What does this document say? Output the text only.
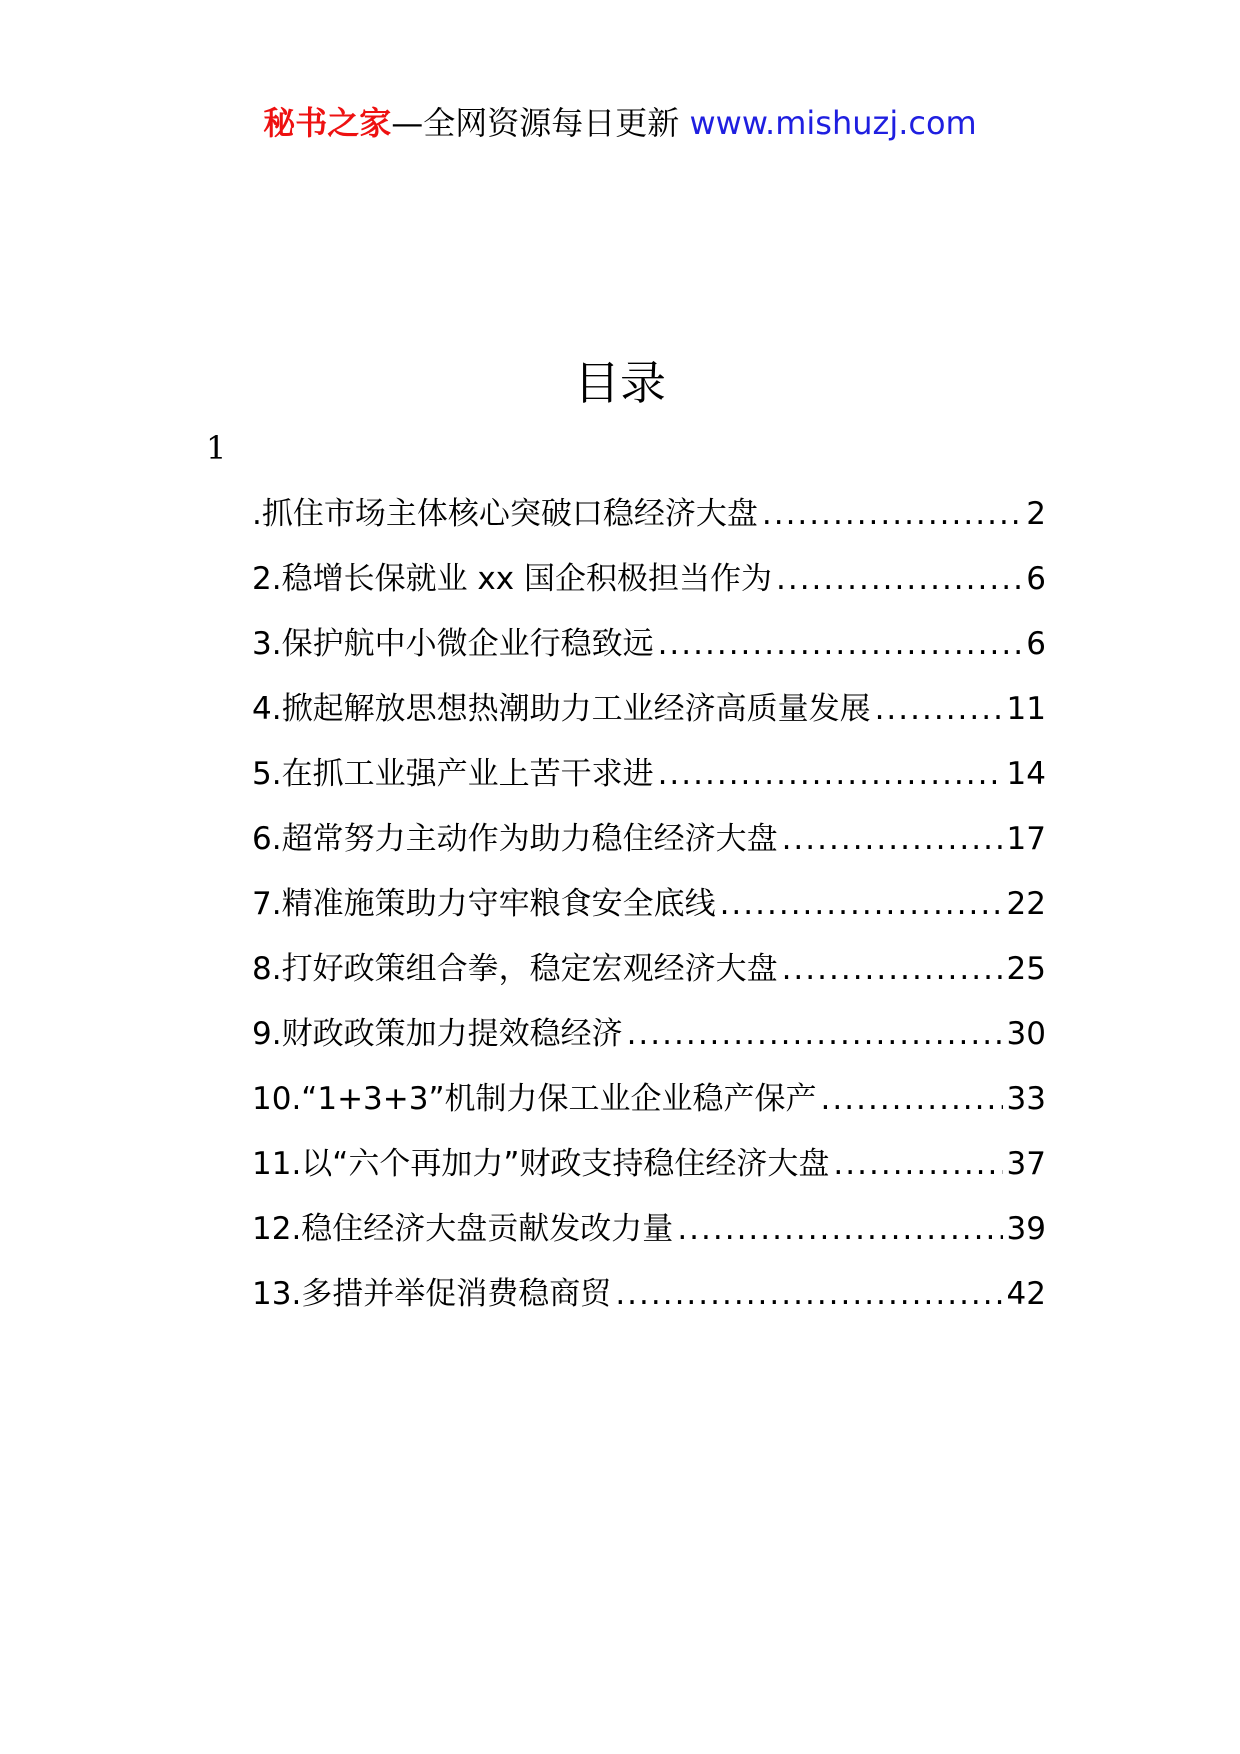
秘书之家—全网资源每日更新 www.mishuzj.com
目录
1
.抓住市场主体核心突破口稳经济大盘 .....	2
2.稳增长保就业 xx 国企积极担当作为 .....	6
3.保护航中小微企业行稳致远 .....	6
4.掀起解放思想热潮助力工业经济高质量发展 .....	11
5.在抓工业强产业上苦干求进 .....	14
6.超常努力主动作为助力稳住经济大盘 .....	17
7.精准施策助力守牢粮食安全底线 .....	22
8.打好政策组合拳，稳定宏观经济大盘 .....	25
9.财政政策加力提效稳经济 .....	30
10.“1+3+3”机制力保工业企业稳产保产 .....	33
11.以“六个再加力”财政支持稳住经济大盘 .....	37
12.稳住经济大盘贡献发改力量 .....	39
13.多措并举促消费稳商贸 .....	42
